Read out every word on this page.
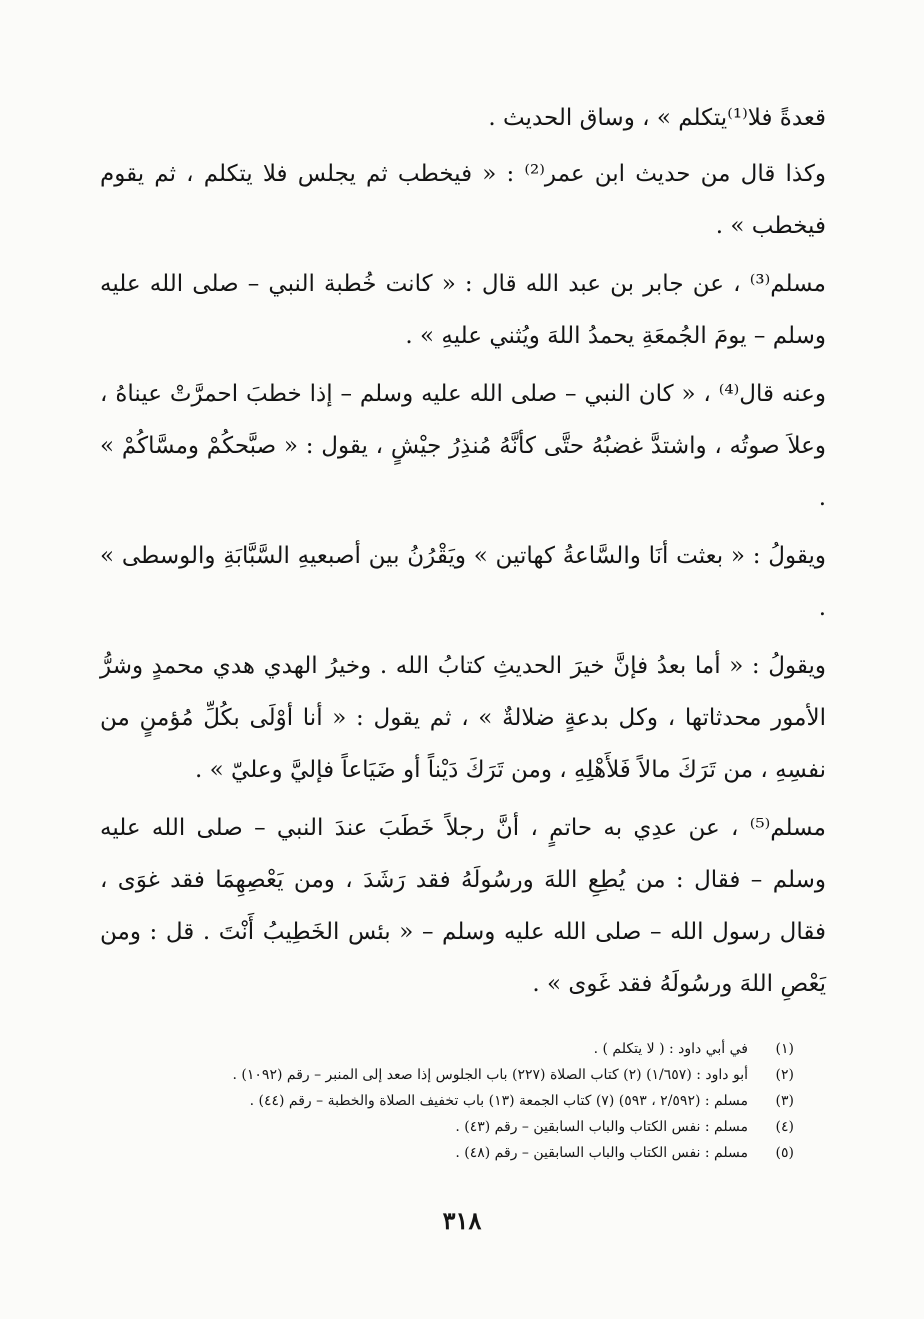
قعدةً فلا⁽¹⁾يتكلم » ، وساق الحديث .

وكذا قال من حديث ابن عمر⁽²⁾ : « فيخطب ثم يجلس فلا يتكلم ، ثم يقوم فيخطب » .

مسلم⁽³⁾ ، عن جابر بن عبد الله قال : « كانت خُطبة النبي – صلى الله عليه وسلم – يومَ الجُمعَةِ يحمدُ اللهَ ويُثني عليهِ » .

وعنه قال⁽⁴⁾ ، « كان النبي – صلى الله عليه وسلم – إذا خطبَ احمرَّتْ عيناهُ ، وعلاَ صوتُه ، واشتدَّ غضبُهُ حتَّى كأنَّهُ مُنذِرُ جيْشٍ ، يقول : « صبَّحكُمْ ومسَّاكُمْ » .

ويقولُ : « بعثت أنَا والسَّاعةُ كهاتين » ويَقْرُنُ بين أصبعيهِ السَّبَّابَةِ والوسطى » .

ويقولُ : « أما بعدُ فإنَّ خيرَ الحديثِ كتابُ الله . وخيرُ الهدي هدي محمدٍ وشرُّ الأمور محدثاتها ، وكل بدعةٍ ضلالةٌ » ، ثم يقول : « أنا أوْلَى بكُلِّ مُؤمنٍ من نفسِهِ ، من تَرَكَ مالاً فَلأَهْلِهِ ، ومن تَرَكَ دَيْناً أو ضَيَاعاً فإليَّ وعليّ » .

مسلم⁽⁵⁾ ، عن عدِي به حاتمٍ ، أنَّ رجلاً خَطَبَ عندَ النبي – صلى الله عليه وسلم – فقال : من يُطِعِ اللهَ ورسُولَهُ فقد رَشَدَ ، ومن يَعْصِهِمَا فقد غوَى ، فقال رسول الله – صلى الله عليه وسلم – « بئس الخَطِيبُ أَنْتَ . قل : ومن يَعْصِ اللهَ ورسُولَهُ فقد غَوى » .

(١)
في أبي داود : ( لا يتكلم ) .
(٢)
أبو داود : (١/٦٥٧) (٢) كتاب الصلاة (٢٢٧) باب الجلوس إذا صعد إلى المنبر – رقم (١٠٩٢) .
(٣)
مسلم : (٢/٥٩٢ ، ٥٩٣) (٧) كتاب الجمعة (١٣) باب تخفيف الصلاة والخطبة – رقم (٤٤) .
(٤)
مسلم : نفس الكتاب والباب السابقين – رقم (٤٣) .
(٥)
مسلم : نفس الكتاب والباب السابقين – رقم (٤٨) .
٣١٨
